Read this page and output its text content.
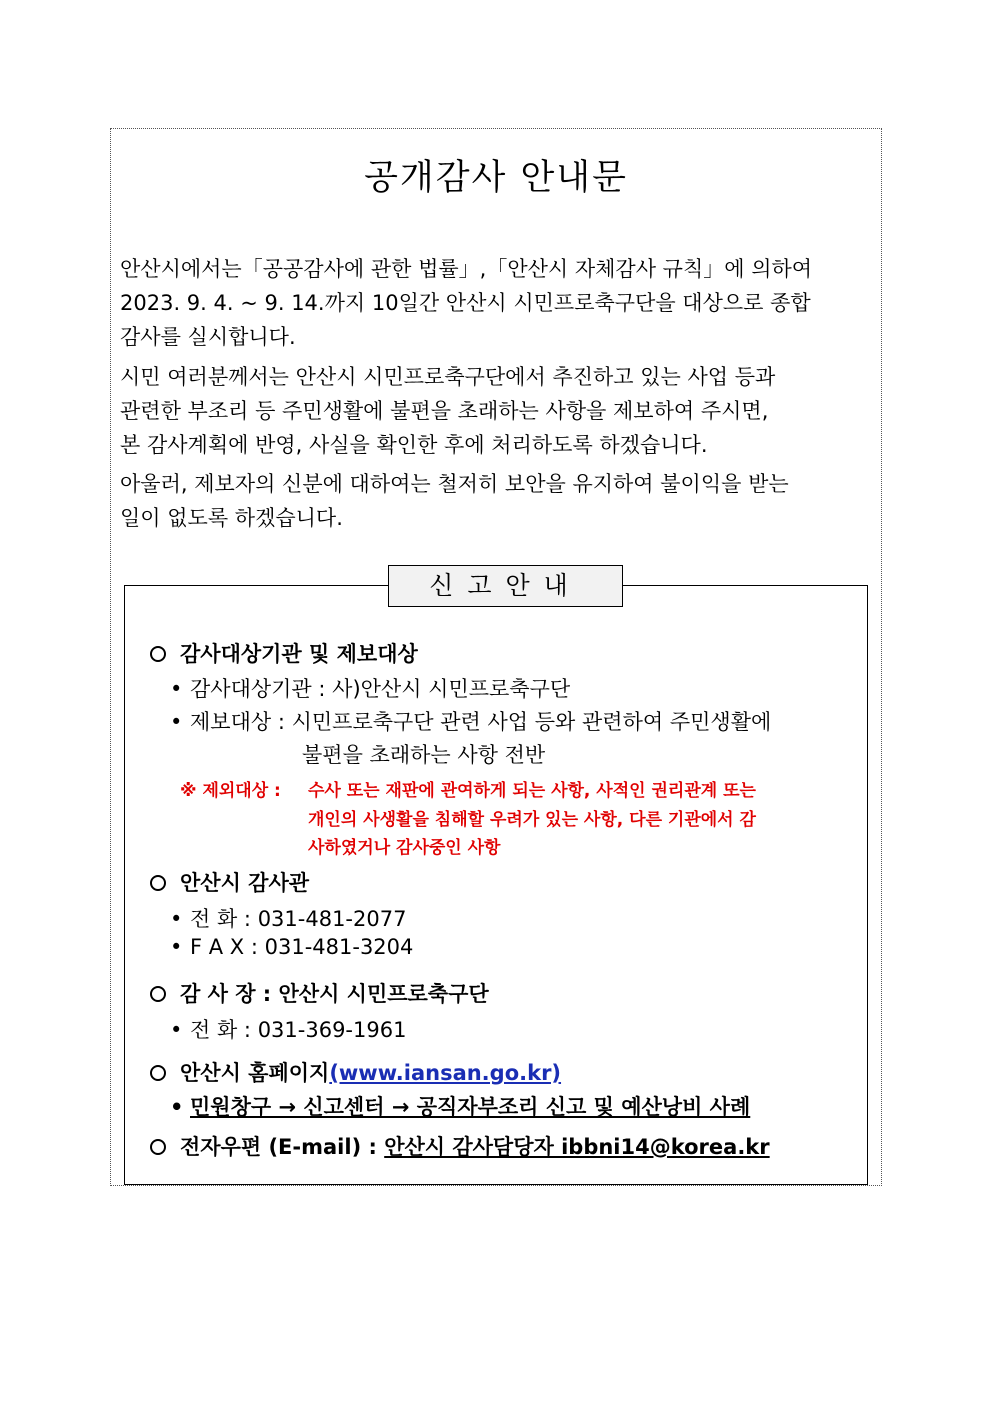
공개감사 안내문
안산시에서는「공공감사에 관한 법률」,「안산시 자체감사 규칙」에 의하여
2023. 9. 4. ~ 9. 14.까지 10일간 안산시 시민프로축구단을 대상으로 종합
감사를 실시합니다.
시민 여러분께서는 안산시 시민프로축구단에서 추진하고 있는 사업 등과
관련한 부조리 등 주민생활에 불편을 초래하는 사항을 제보하여 주시면,
본 감사계획에 반영, 사실을 확인한 후에 처리하도록 하겠습니다.
아울러, 제보자의 신분에 대하여는 철저히 보안을 유지하여 불이익을 받는
일이 없도록 하겠습니다.
신고안내
감사대상기관 및 제보대상
• 감사대상기관 : 사)안산시 시민프로축구단
• 제보대상 : 시민프로축구단 관련 사업 등와 관련하여 주민생활에
불편을 초래하는 사항 전반
※ 제외대상 : 수사 또는 재판에 관여하게 되는 사항, 사적인 권리관계 또는
개인의 사생활을 침해할 우려가 있는 사항, 다른 기관에서 감
사하였거나 감사중인 사항
안산시 감사관
• 전 화 : 031-481-2077
• F A X : 031-481-3204
감 사 장 : 안산시 시민프로축구단
• 전 화 : 031-369-1961
안산시 홈페이지(www.iansan.go.kr)
• 민원창구 → 신고센터 → 공직자부조리 신고 및 예산낭비 사례
전자우편 (E-mail) : 안산시 감사담당자 ibbni14@korea.kr
